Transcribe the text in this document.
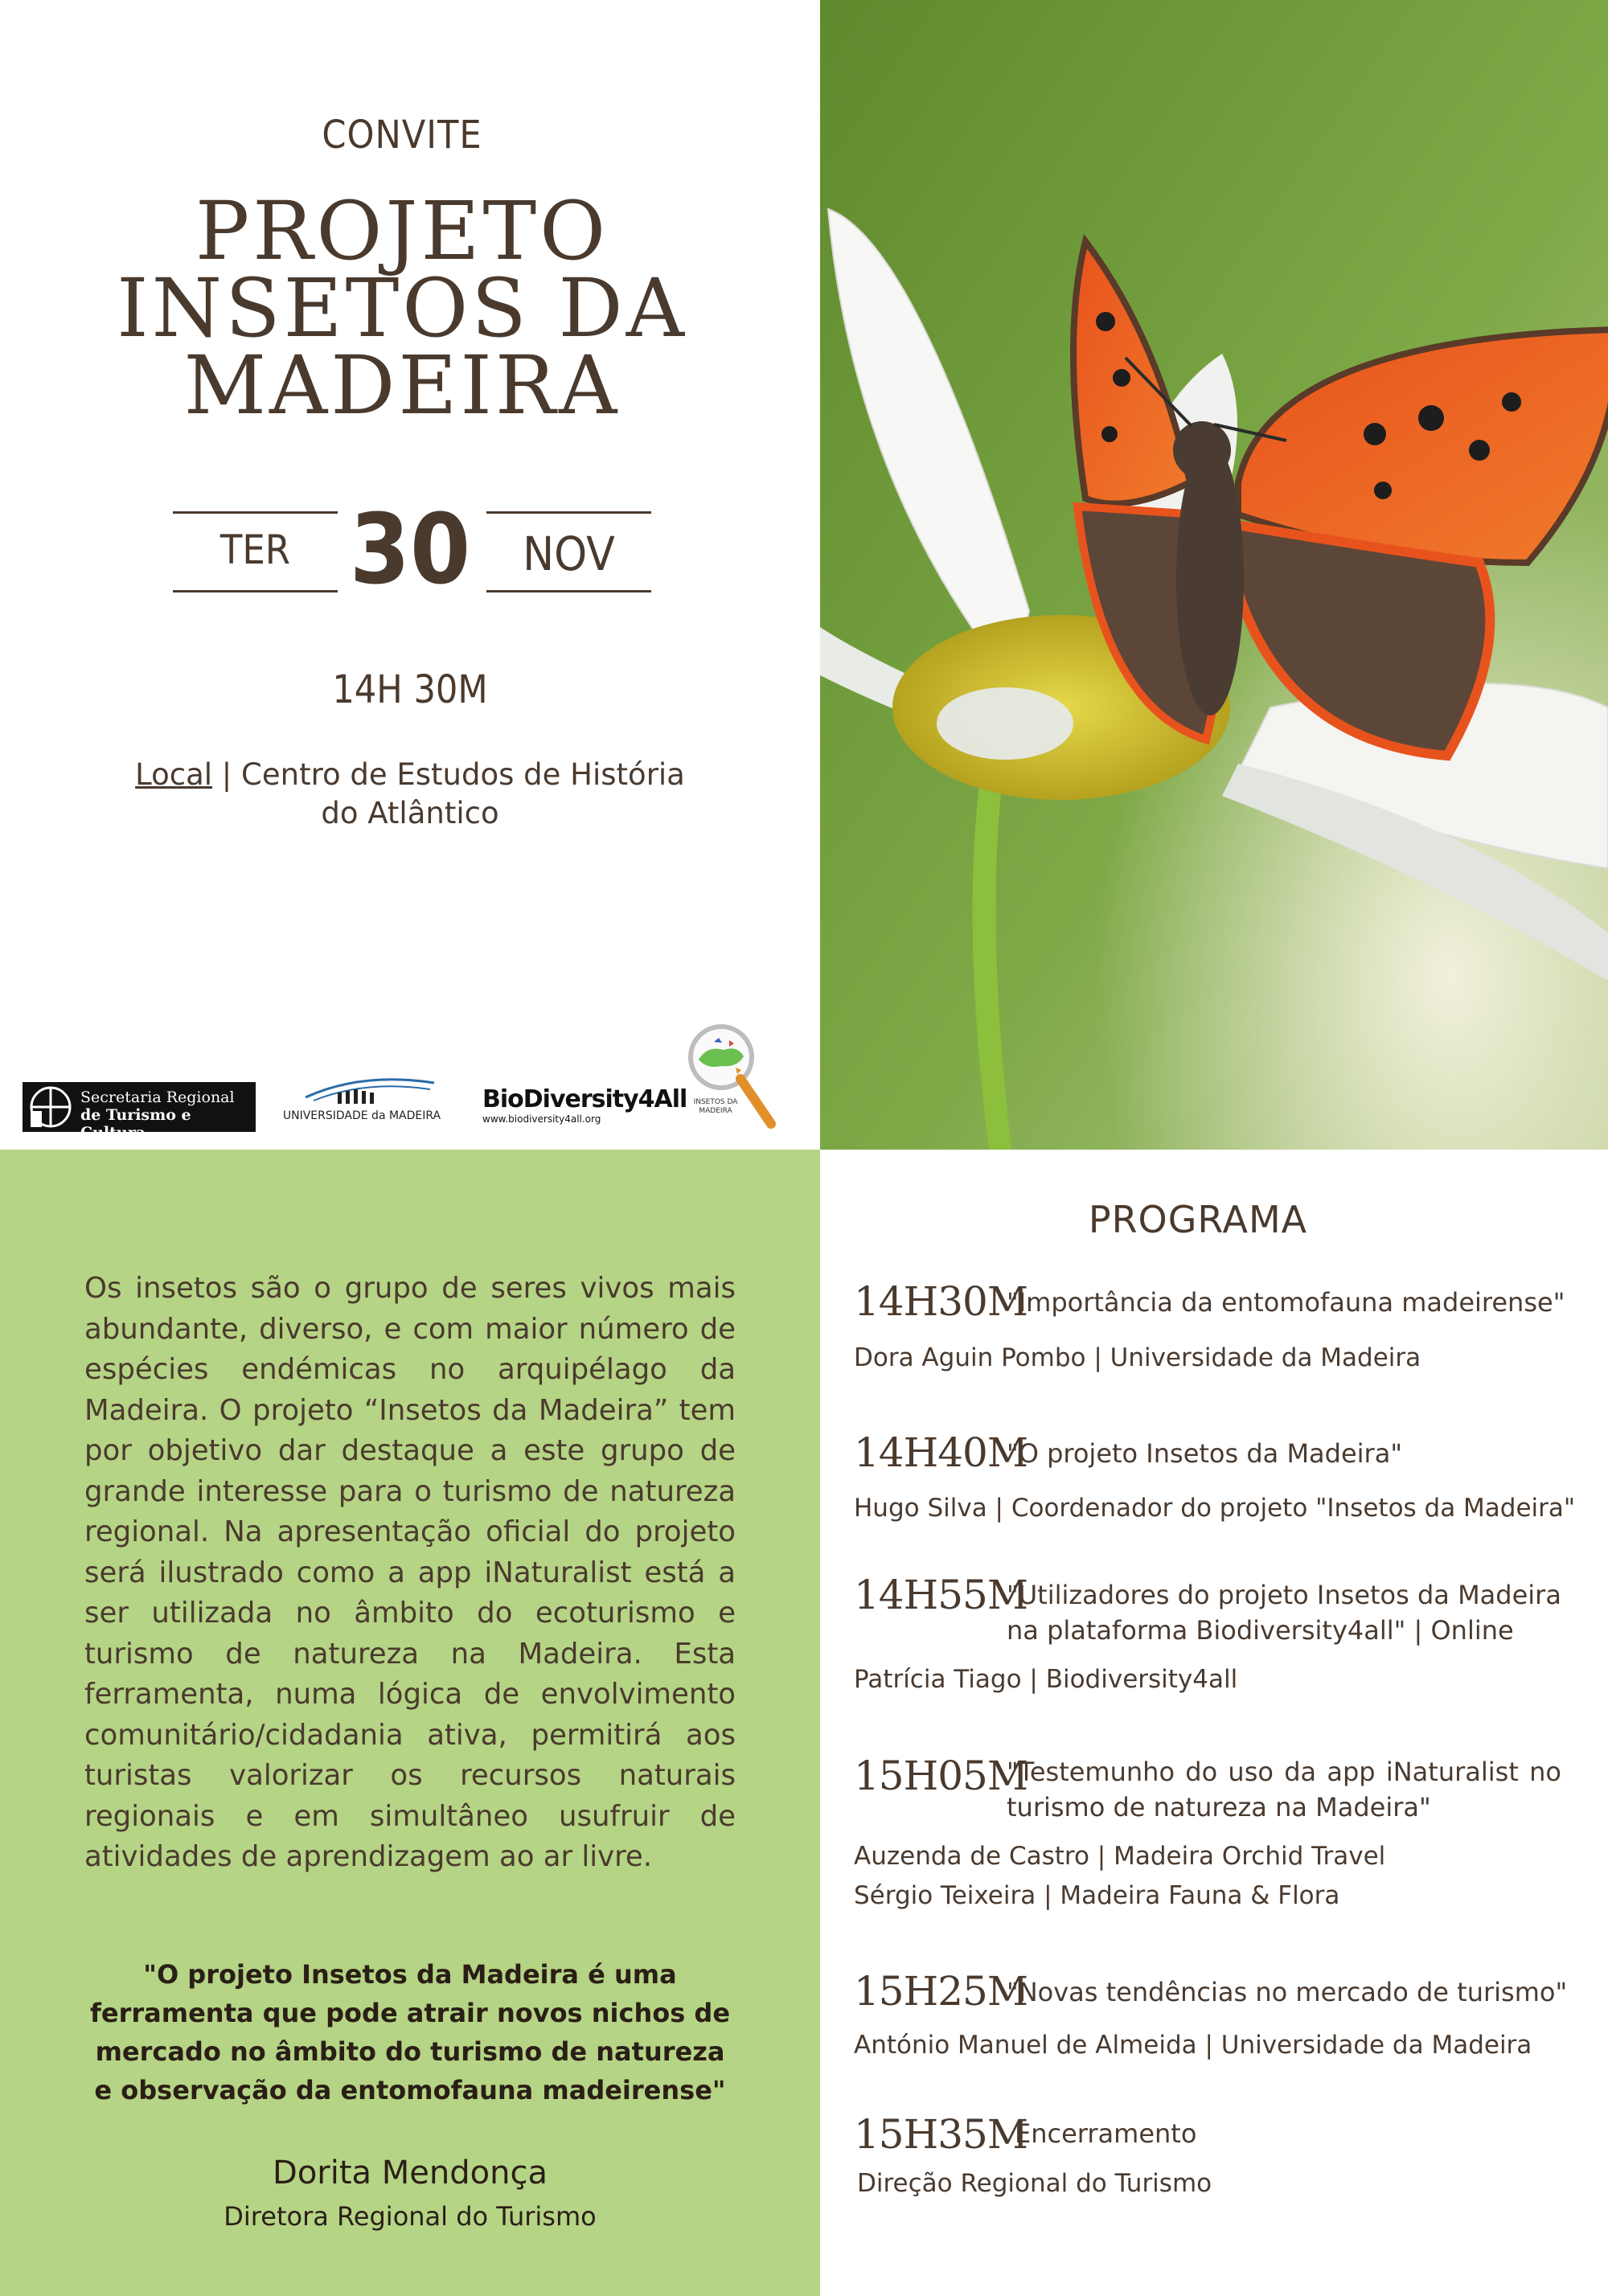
CONVITE
PROJETO INSETOS DA MADEIRA
TER 30	NOV
14H 30M
Local | Centro de Estudos de História do Atlântico
Secretaria Regional
de Turismo e Cultura
UNIVERSIDADE da MADEIRA
BioDiversity4All
www.biodiversity4all.org
INSETOS DA MADEIRA
Os insetos são o grupo de seres vivos mais abundante, diverso, e com maior número de espécies endémicas no arquipélago da Madeira. O projeto “Insetos da Madeira” tem por objetivo dar destaque a este grupo de grande interesse para o turismo de natureza regional. Na apresentação oficial do projeto será ilustrado como a app iNaturalist está a ser utilizada no âmbito do ecoturismo e turismo de natureza na Madeira. Esta ferramenta, numa lógica de envolvimento comunitário/cidadania ativa, permitirá aos turistas valorizar os recursos naturais regionais e em simultâneo usufruir de atividades de aprendizagem ao ar livre.
"O projeto Insetos da Madeira é uma ferramenta que pode atrair novos nichos de mercado no âmbito do turismo de natureza e observação da entomofauna madeirense"
Dorita Mendonça
Diretora Regional do Turismo
PROGRAMA
14H30M
"Importância da entomofauna madeirense"
Dora Aguin Pombo | Universidade da Madeira
14H40M
"O projeto Insetos da Madeira"
Hugo Silva | Coordenador do projeto "Insetos da Madeira"
14H55M
"Utilizadores do projeto Insetos da Madeira na plataforma Biodiversity4all" | Online
Patrícia Tiago | Biodiversity4all
15H05M
"Testemunho do uso da app iNaturalist no turismo de natureza na Madeira"
Auzenda de Castro | Madeira Orchid Travel
Sérgio Teixeira | Madeira Fauna & Flora
15H25M
"Novas tendências no mercado de turismo"
António Manuel de Almeida | Universidade da Madeira
15H35M
Encerramento
Direção Regional do Turismo
